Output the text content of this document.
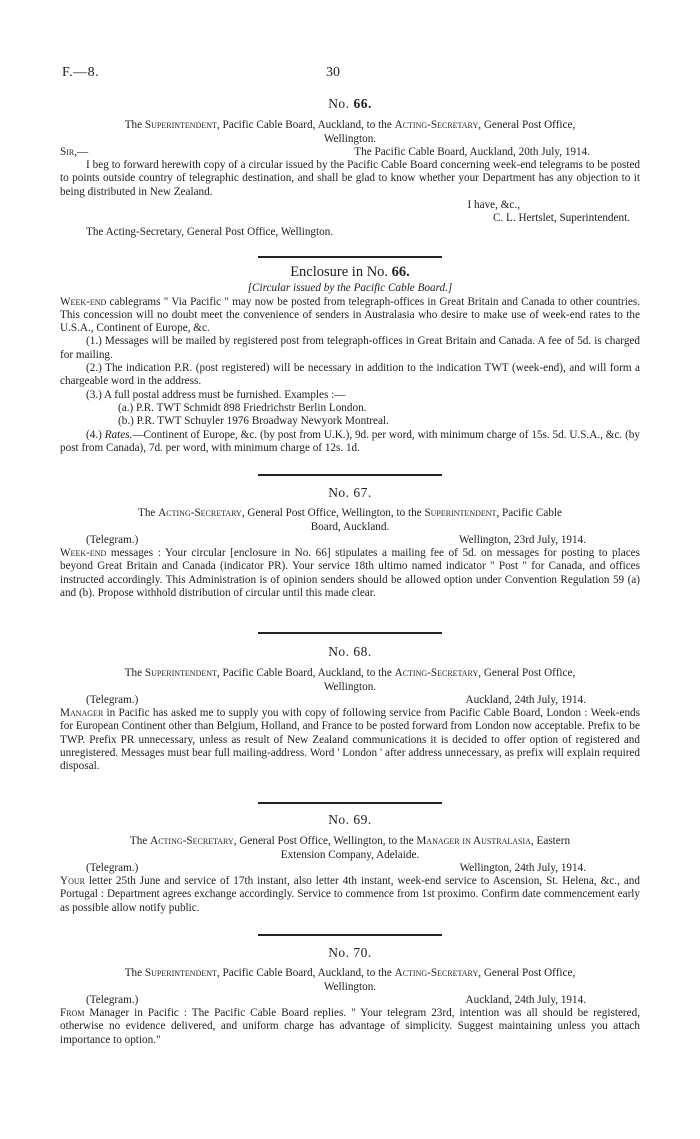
F.—8.	30
No. 66.
The Superintendent, Pacific Cable Board, Auckland, to the Acting-Secretary, General Post Office,
Wellington.
Sir,—	The Pacific Cable Board, Auckland, 20th July, 1914.

I beg to forward herewith copy of a circular issued by the Pacific Cable Board concerning week-end telegrams to be posted to points outside country of telegraphic destination, and shall be glad to know whether your Department has any objection to it being distributed in New Zealand.

I have, &c.,

C. L. Hertslet, Superintendent.

The Acting-Secretary, General Post Office, Wellington.

Enclosure in No. 66.

[Circular issued by the Pacific Cable Board.]

Week-end cablegrams " Via Pacific " may now be posted from telegraph-offices in Great Britain and Canada to other countries. This concession will no doubt meet the convenience of senders in Australasia who desire to make use of week-end rates to the U.S.A., Continent of Europe, &c.

(1.) Messages will be mailed by registered post from telegraph-offices in Great Britain and Canada. A fee of 5d. is charged for mailing.

(2.) The indication P.R. (post registered) will be necessary in addition to the indication TWT (week-end), and will form a chargeable word in the address.

(3.) A full postal address must be furnished. Examples :—

(a.) P.R. TWT Schmidt 898 Friedrichstr Berlin London.

(b.) P.R. TWT Schuyler 1976 Broadway Newyork Montreal.

(4.) Rates.—Continent of Europe, &c. (by post from U.K.), 9d. per word, with minimum charge of 15s. 5d. U.S.A., &c. (by post from Canada), 7d. per word, with minimum charge of 12s. 1d.

No. 67.
The Acting-Secretary, General Post Office, Wellington, to the Superintendent, Pacific Cable
Board, Auckland.
(Telegram.)	Wellington, 23rd July, 1914.

Week-end messages : Your circular [enclosure in No. 66] stipulates a mailing fee of 5d. on messages for posting to places beyond Great Britain and Canada (indicator PR). Your service 18th ultimo named indicator " Post " for Canada, and offices instructed accordingly. This Administration is of opinion senders should be allowed option under Convention Regulation 59 (a) and (b). Propose withhold distribution of circular until this made clear.

No. 68.
The Superintendent, Pacific Cable Board, Auckland, to the Acting-Secretary, General Post Office,
Wellington.
(Telegram.)	Auckland, 24th July, 1914.

Manager in Pacific has asked me to supply you with copy of following service from Pacific Cable Board, London : Week-ends for European Continent other than Belgium, Holland, and France to be posted forward from London now acceptable. Prefix to be TWP. Prefix PR unnecessary, unless as result of New Zealand communications it is decided to offer option of registered and unregistered. Messages must bear full mailing-address. Word ' London ' after address unnecessary, as prefix will explain required disposal.

No. 69.
The Acting-Secretary, General Post Office, Wellington, to the Manager in Australasia, Eastern
Extension Company, Adelaide.
(Telegram.)	Wellington, 24th July, 1914.

Your letter 25th June and service of 17th instant, also letter 4th instant, week-end service to Ascension, St. Helena, &c., and Portugal : Department agrees exchange accordingly. Service to commence from 1st proximo. Confirm date commencement early as possible allow notify public.

No. 70.
The Superintendent, Pacific Cable Board, Auckland, to the Acting-Secretary, General Post Office,
Wellington.
(Telegram.)	Auckland, 24th July, 1914.

From Manager in Pacific : The Pacific Cable Board replies. " Your telegram 23rd, intention was all should be registered, otherwise no evidence delivered, and uniform charge has advantage of simplicity. Suggest maintaining unless you attach importance to option."
